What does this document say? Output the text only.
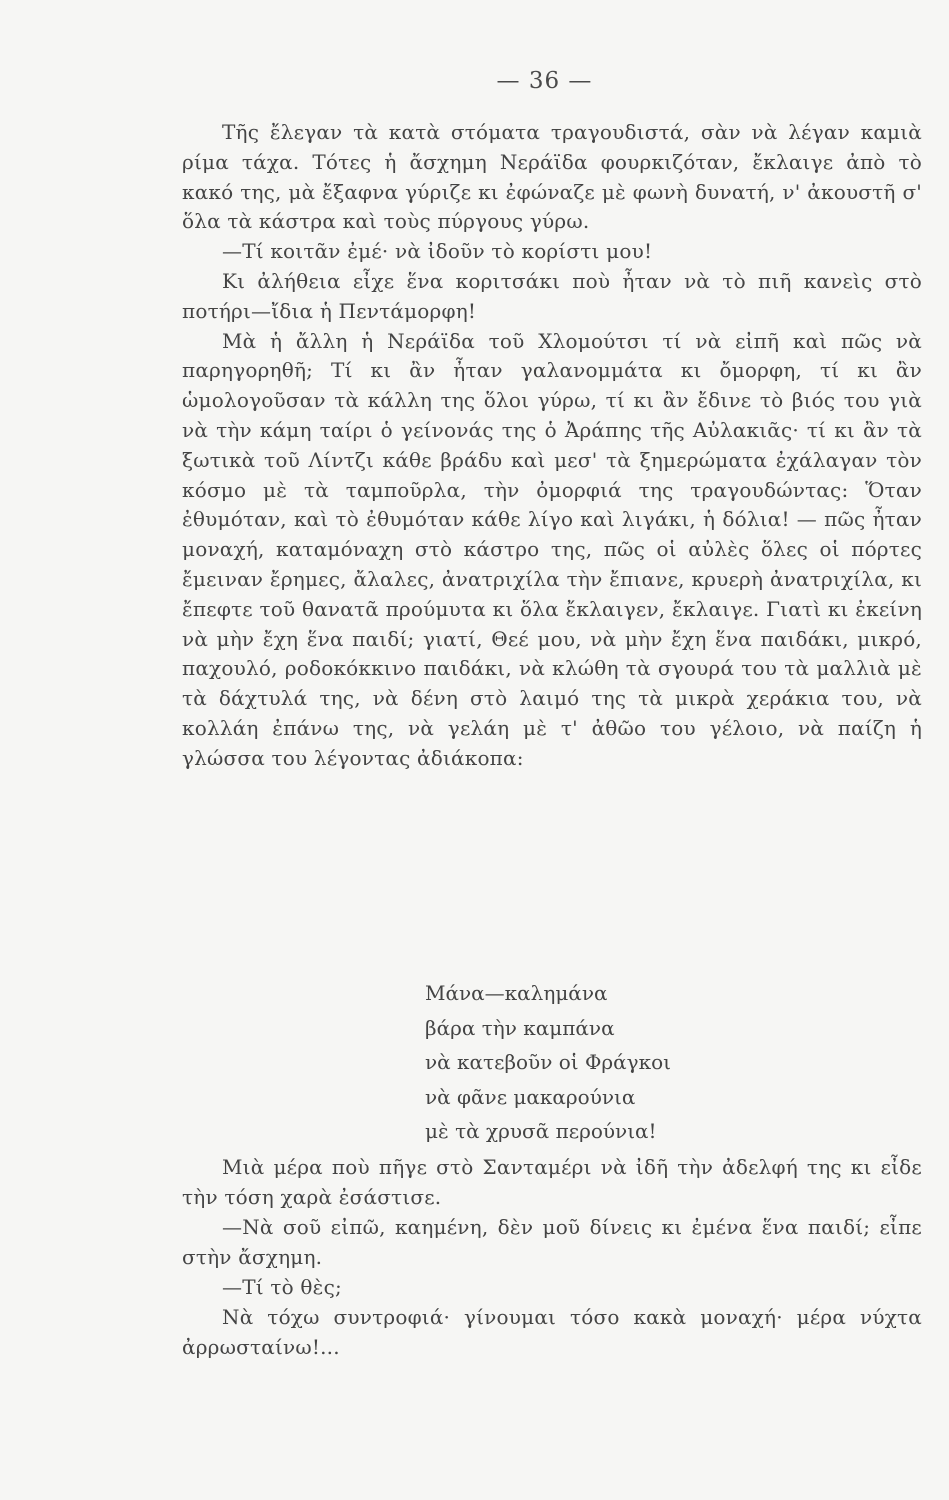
— 36 —

Τῆς ἔλεγαν τὰ κατὰ στόματα τραγουδιστά, σὰν νὰ λέγαν καμιὰ ρίμα τάχα. Τότες ἡ ἄσχημη Νεράϊδα φουρκιζόταν, ἔκλαιγε ἀπὸ τὸ κακό της, μὰ ἔξαφνα γύριζε κι ἐφώναζε μὲ φωνὴ δυνατή, ν' ἀκουστῆ σ' ὅλα τὰ κάστρα καὶ τοὺς πύργους γύρω.

—Τί κοιτᾶν ἐμέ· νὰ ἰδοῦν τὸ κορίστι μου!

Κι ἀλήθεια εἶχε ἕνα κοριτσάκι ποὺ ἦταν νὰ τὸ πιῆ κανεὶς στὸ ποτήρι—ἴδια ἡ Πεντάμορφη!

Μὰ ἡ ἄλλη ἡ Νεράϊδα τοῦ Χλομούτσι τί νὰ εἰπῆ καὶ πῶς νὰ παρηγορηθῆ; Τί κι ἂν ἦταν γαλανομμάτα κι ὄμορφη, τί κι ἂν ὡμολογοῦσαν τὰ κάλλη της ὅλοι γύρω, τί κι ἂν ἔδινε τὸ βιός του γιὰ νὰ τὴν κάμη ταίρι ὁ γείνονάς της ὁ Ἀράπης τῆς Αὐλακιᾶς· τί κι ἂν τὰ ξωτικὰ τοῦ Λίντζι κάθε βράδυ καὶ μεσ' τὰ ξημερώματα ἐχάλαγαν τὸν κόσμο μὲ τὰ ταμποῦρλα, τὴν ὀμορφιά της τραγουδώντας: Ὅταν ἐθυμόταν, καὶ τὸ ἐθυμόταν κάθε λίγο καὶ λιγάκι, ἡ δόλια! — πῶς ἦταν μοναχή, καταμόναχη στὸ κάστρο της, πῶς οἱ αὐλὲς ὅλες οἱ πόρτες ἔμειναν ἔρημες, ἄλαλες, ἀνατριχίλα τὴν ἔπιανε, κρυερὴ ἀνατριχίλα, κι ἔπεφτε τοῦ θανατᾶ προύμυτα κι ὅλα ἔκλαιγεν, ἔκλαιγε. Γιατὶ κι ἐκείνη νὰ μὴν ἔχη ἕνα παιδί; γιατί, Θεέ μου, νὰ μὴν ἔχη ἕνα παιδάκι, μικρό, παχουλό, ροδοκόκκινο παιδάκι, νὰ κλώθη τὰ σγουρά του τὰ μαλλιὰ μὲ τὰ δάχτυλά της, νὰ δένη στὸ λαιμό της τὰ μικρὰ χεράκια του, νὰ κολλάη ἐπάνω της, νὰ γελάη μὲ τ' ἀθῶο του γέλοιο, νὰ παίζη ἡ γλώσσα του λέγοντας ἀδιάκοπα:

Μάνα—καλημάνα
βάρα τὴν καμπάνα
νὰ κατεβοῦν οἱ Φράγκοι
νὰ φᾶνε μακαρούνια
μὲ τὰ χρυσᾶ περούνια!

Μιὰ μέρα ποὺ πῆγε στὸ Σανταμέρι νὰ ἰδῆ τὴν ἀδελφή της κι εἶδε τὴν τόση χαρὰ ἐσάστισε.

—Νὰ σοῦ εἰπῶ, καημένη, δὲν μοῦ δίνεις κι ἐμένα ἕνα παιδί; εἶπε στὴν ἄσχημη.

—Τί τὸ θὲς;

Νὰ τόχω συντροφιά· γίνουμαι τόσο κακὰ μοναχή· μέρα νύχτα ἀρρωσταίνω!...
